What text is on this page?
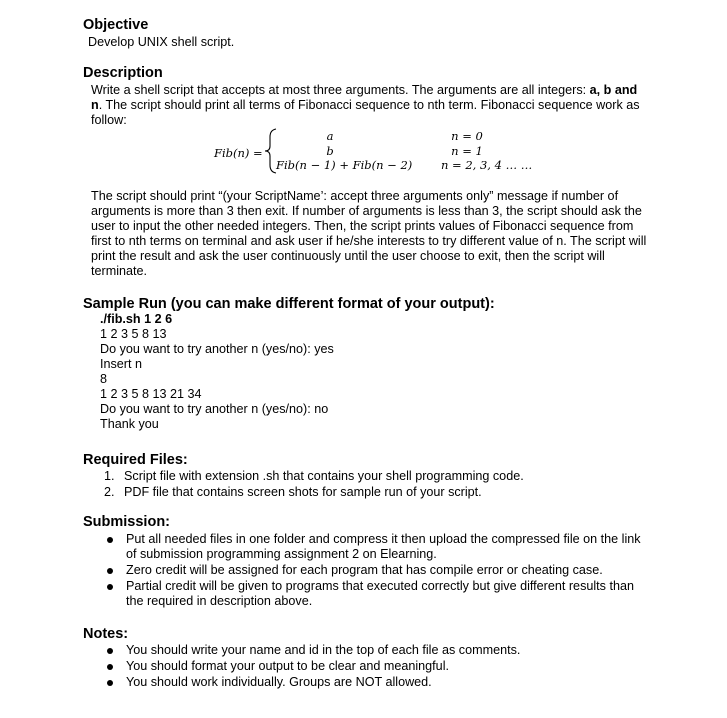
Objective
Develop UNIX shell script.
Description
Write a shell script that accepts at most three arguments. The arguments are all integers: a, b and n. The script should print all terms of Fibonacci sequence to nth term. Fibonacci sequence work as follow:
Fib(n) =
a
b
Fib(n − 1) + Fib(n − 2)
n = 0
n = 1
n = 2, 3, 4 … …
The script should print “(your ScriptName’: accept three arguments only” message if number of arguments is more than 3 then exit. If number of arguments is less than 3, the script should ask the user to input the other needed integers. Then, the script prints values of Fibonacci sequence from first to nth terms on terminal and ask user if he/she interests to try different value of n. The script will print the result and ask the user continuously until the user choose to exit, then the script will terminate.
Sample Run (you can make different format of your output):
./fib.sh 1 2 6
1 2 3 5 8 13
Do you want to try another n (yes/no): yes
Insert n
8
1 2 3 5 8 13 21 34
Do you want to try another n (yes/no): no
Thank you
Required Files:
1. Script file with extension .sh that contains your shell programming code.
2. PDF file that contains screen shots for sample run of your script.
Submission:
Put all needed files in one folder and compress it then upload the compressed file on the link of submission programming assignment 2 on Elearning.
Zero credit will be assigned for each program that has compile error or cheating case.
Partial credit will be given to programs that executed correctly but give different results than the required in description above.
Notes:
You should write your name and id in the top of each file as comments.
You should format your output to be clear and meaningful.
You should work individually. Groups are NOT allowed.
